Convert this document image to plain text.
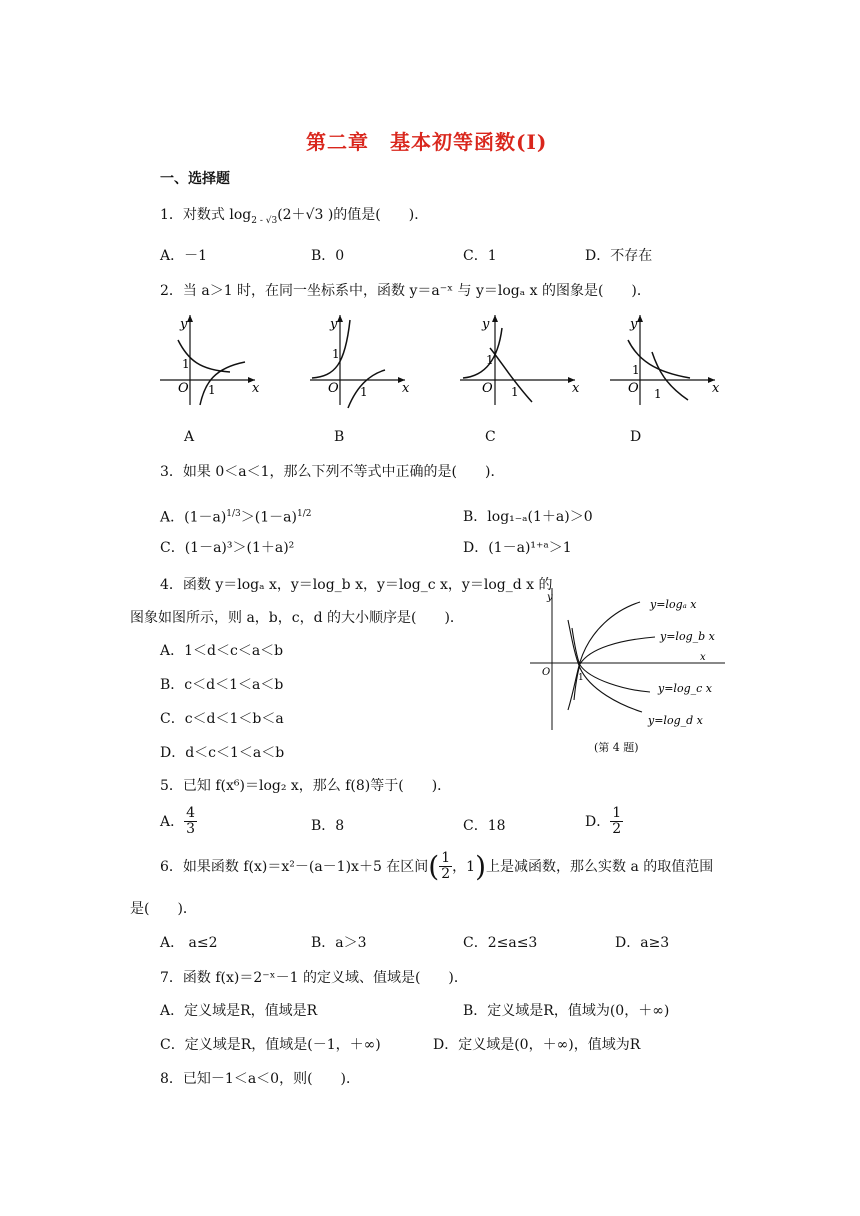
第二章　基本初等函数(Ⅰ)
一、选择题
1．对数式 $\log_{2 - √3}(2+√3$ )的值是(　　)．
A．－1	B．0	C．1	D．不存在
2．当 a＞1 时，在同一坐标系中，函数 y＝a⁻ˣ 与 y＝logₐ x 的图象是(　　)．
y
x
O
1
1
y
x
O
1
1
y
x
O
1
1
y
x
O
1
1
A	B	C	D
3．如果 0＜a＜1，那么下列不等式中正确的是(　　)．
A．$(1-a)^{1/3}>(1-a)^{1/2}$	B．log₁₋ₐ(1＋a)＞0
C．(1－a)³＞(1＋a)²	D．(1－a)¹⁺ᵃ＞1
4．函数 y＝logₐ x，y＝log_b x，y＝log_c x，y＝log_d x 的
图象如图所示，则 a，b，c，d 的大小顺序是(　　)．
A．1＜d＜c＜a＜b
B．c＜d＜1＜a＜b
C．c＜d＜1＜b＜a
D．d＜c＜1＜a＜b
y
x
O	1
y=logₐ x
y=log_b x
y=log_c x
y=log_d x
(第 4 题)
5．已知 f(x⁶)＝log₂ x，那么 f(8)等于(　　)．
A． $\frac{4}{3}$	B．8	C．18	D． $\frac{1}{2}$
6．如果函数 f(x)＝x²－(a－1)x＋5 在区间( $\frac{1}{2}$ ，1)上是减函数，那么实数 a 的取值范围
是(　　)．
A． a≤2	B．a＞3	C．2≤a≤3	D．a≥3
7．函数 f(x)＝2⁻ˣ－1 的定义域、值域是(　　)．
A．定义域是R，值域是R	B．定义域是R，值域为(0，＋∞)
C．定义域是R，值域是(－1，＋∞)	D．定义域是(0，＋∞)，值域为R
8．已知－1＜a＜0，则(　　)．
